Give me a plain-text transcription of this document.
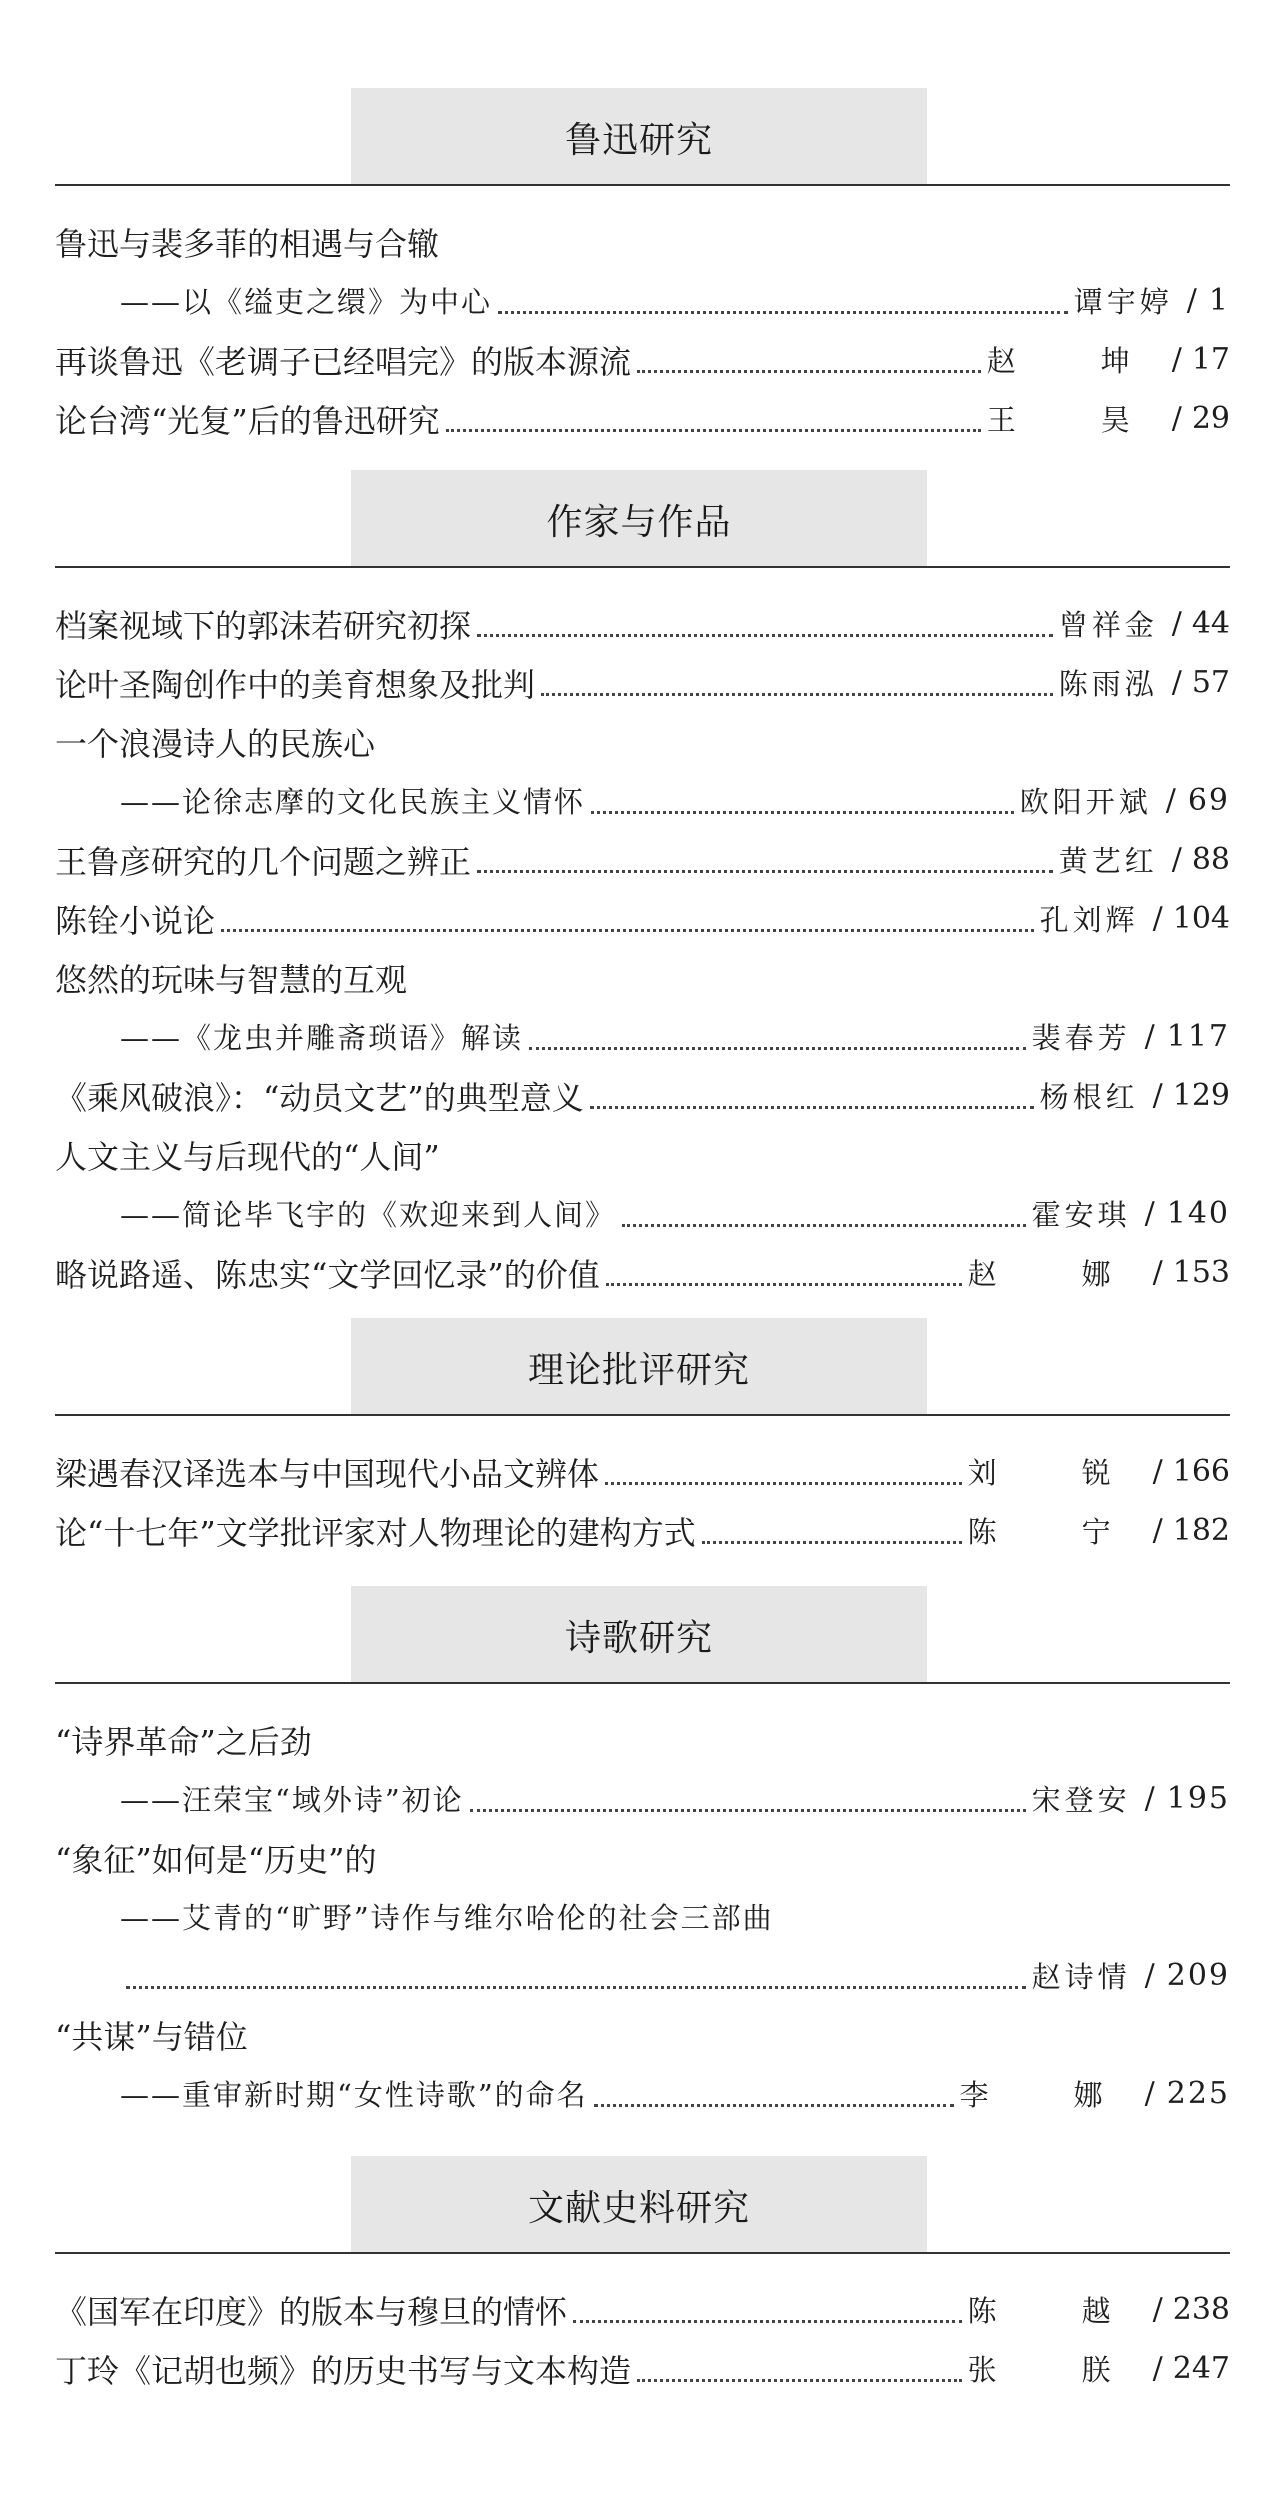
鲁迅研究
鲁迅与裴多菲的相遇与合辙
——以《缢吏之缳》为中心	谭宇婷 / 1
再谈鲁迅《老调子已经唱完》的版本源流	赵　坤 / 17
论台湾“光复”后的鲁迅研究	王　昊 / 29
作家与作品
档案视域下的郭沫若研究初探	曾祥金 / 44
论叶圣陶创作中的美育想象及批判	陈雨泓 / 57
一个浪漫诗人的民族心
——论徐志摩的文化民族主义情怀	欧阳开斌 / 69
王鲁彦研究的几个问题之辨正	黄艺红 / 88
陈铨小说论	孔刘辉 / 104
悠然的玩味与智慧的互观
——《龙虫并雕斋琐语》解读	裴春芳 / 117
《乘风破浪》：“动员文艺”的典型意义	杨根红 / 129
人文主义与后现代的“人间”
——简论毕飞宇的《欢迎来到人间》	霍安琪 / 140
略说路遥、陈忠实“文学回忆录”的价值	赵　娜 / 153
理论批评研究
梁遇春汉译选本与中国现代小品文辨体	刘　锐 / 166
论“十七年”文学批评家对人物理论的建构方式	陈　宁 / 182
诗歌研究
“诗界革命”之后劲
——汪荣宝“域外诗”初论	宋登安 / 195
“象征”如何是“历史”的
——艾青的“旷野”诗作与维尔哈伦的社会三部曲
赵诗情 / 209
“共谋”与错位
——重审新时期“女性诗歌”的命名	李　娜 / 225
文献史料研究
《国军在印度》的版本与穆旦的情怀	陈　越 / 238
丁玲《记胡也频》的历史书写与文本构造	张　朕 / 247
